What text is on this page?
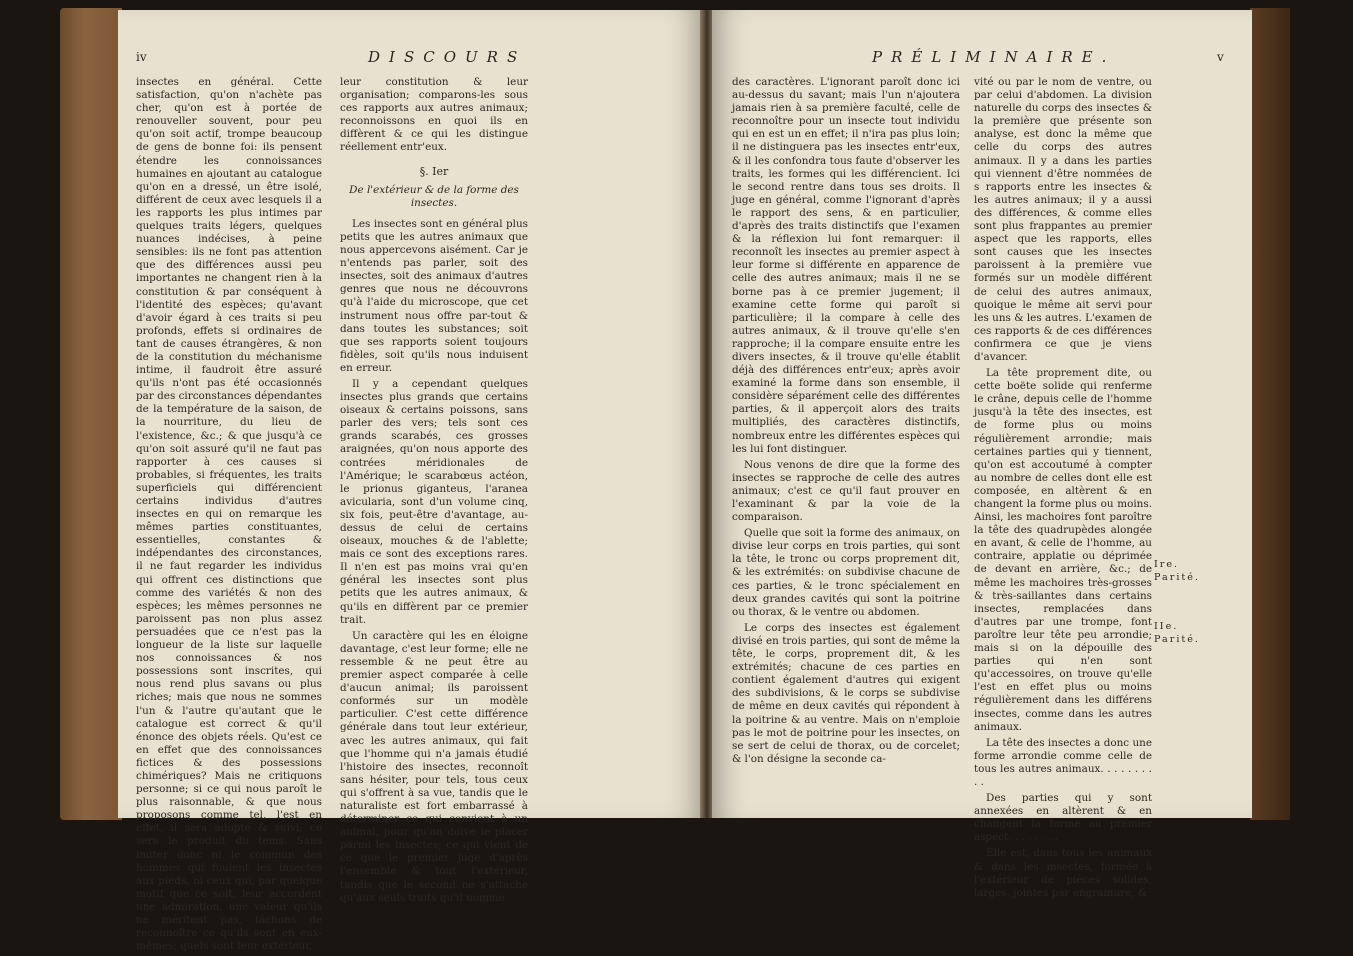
iv	DISCOURS

insectes en général. Cette satisfaction, qu'on n'achète pas cher, qu'on est à portée de renouveller souvent, pour peu qu'on soit actif, trompe beaucoup de gens de bonne foi: ils pensent étendre les connoissances humaines en ajoutant au catalogue qu'on en a dressé, un être isolé, différent de ceux avec lesquels il a les rapports les plus intimes par quelques traits légers, quelques nuances indécises, à peine sensibles: ils ne font pas attention que des différences aussi peu importantes ne changent rien à la constitution & par conséquent à l'identité des espèces; qu'avant d'avoir égard à ces traits si peu profonds, effets si ordinaires de tant de causes étrangères, & non de la constitution du méchanisme intime, il faudroit être assuré qu'ils n'ont pas été occasionnés par des circonstances dépendantes de la température de la saison, de la nourriture, du lieu de l'existence, &c.; & que jusqu'à ce qu'on soit assuré qu'il ne faut pas rapporter à ces causes si probables, si fréquentes, les traits superficiels qui différencient certains individus d'autres insectes en qui on remarque les mêmes parties constituantes, essentielles, constantes & indépendantes des circonstances, il ne faut regarder les individus qui offrent ces distinctions que comme des variétés & non des espèces; les mêmes personnes ne paroissent pas non plus assez persuadées que ce n'est pas la longueur de la liste sur laquelle nos connoissances & nos possessions sont inscrites, qui nous rend plus savans ou plus riches; mais que nous ne sommes l'un & l'autre qu'autant que le catalogue est correct & qu'il énonce des objets réels. Qu'est ce en effet que des connoissances fictices & des possessions chimériques? Mais ne critiquons personne; si ce qui nous paroît le plus raisonnable, & que nous proposons comme tel, l'est en effet, il sera adopté & suivi; ce sera le produit du tems. Sans imiter donc ni le commun des hommes qui foulent les insectes aux pieds, ni ceux qui, par quelque motif que ce soit, leur accordent une admiration, une valeur qu'ils ne méritent pas, tâchons de reconnoître ce qu'ils sont en eux-mêmes; quels sont leur extérieur,

leur constitution & leur organisation; comparons-les sous ces rapports aux autres animaux; reconnoissons en quoi ils en diffèrent & ce qui les distingue réellement entr'eux.

§. Ier

De l'extérieur & de la forme des insectes.

Les insectes sont en général plus petits que les autres animaux que nous appercevons aisément. Car je n'entends pas parler, soit des insectes, soit des animaux d'autres genres que nous ne découvrons qu'à l'aide du microscope, que cet instrument nous offre par-tout & dans toutes les substances; soit que ses rapports soient toujours fidèles, soit qu'ils nous induisent en erreur.

Il y a cependant quelques insectes plus grands que certains oiseaux & certains poissons, sans parler des vers; tels sont ces grands scarabés, ces grosses araignées, qu'on nous apporte des contrées méridionales de l'Amérique; le scarabœus actéon, le prionus giganteus, l'aranea avicularia, sont d'un volume cinq, six fois, peut-être d'avantage, au-dessus de celui de certains oiseaux, mouches & de l'ablette; mais ce sont des exceptions rares. Il n'en est pas moins vrai qu'en général les insectes sont plus petits que les autres animaux, & qu'ils en diffèrent par ce premier trait.

Un caractère qui les en éloigne davantage, c'est leur forme; elle ne ressemble & ne peut être au premier aspect comparée à celle d'aucun animal; ils paroissent conformés sur un modèle particulier. C'est cette différence générale dans tout leur extérieur, avec les autres animaux, qui fait que l'homme qui n'a jamais étudié l'histoire des insectes, reconnoît sans hésiter, pour tels, tous ceux qui s'offrent à sa vue, tandis que le naturaliste est fort embarrassé à déterminer ce qui convient à un animal, pour qu'on doive le placer parmi les insectes; ce qui vient de ce que le premier juge d'après l'ensemble & tout l'extérieur, tandis que le second ne s'attache qu'aux seuls traits qu'il nomme

PRÉLIMINAIRE.	v

des caractères. L'ignorant paroît donc ici au-dessus du savant; mais l'un n'ajoutera jamais rien à sa première faculté, celle de reconnoître pour un insecte tout individu qui en est un en effet; il n'ira pas plus loin; il ne distinguera pas les insectes entr'eux, & il les confondra tous faute d'observer les traits, les formes qui les différencient. Ici le second rentre dans tous ses droits. Il juge en général, comme l'ignorant d'après le rapport des sens, & en particulier, d'après des traits distinctifs que l'examen & la réflexion lui font remarquer: il reconnoît les insectes au premier aspect à leur forme si différente en apparence de celle des autres animaux; mais il ne se borne pas à ce premier jugement; il examine cette forme qui paroît si particulière; il la compare à celle des autres animaux, & il trouve qu'elle s'en rapproche; il la compare ensuite entre les divers insectes, & il trouve qu'elle établit déjà des différences entr'eux; après avoir examiné la forme dans son ensemble, il considère séparément celle des différentes parties, & il apperçoit alors des traits multipliés, des caractères distinctifs, nombreux entre les différentes espèces qui les lui font distinguer.

Nous venons de dire que la forme des insectes se rapproche de celle des autres animaux; c'est ce qu'il faut prouver en l'examinant & par la voie de la comparaison.

Quelle que soit la forme des animaux, on divise leur corps en trois parties, qui sont la tête, le tronc ou corps proprement dit, & les extrémités: on subdivise chacune de ces parties, & le tronc spécialement en deux grandes cavités qui sont la poitrine ou thorax, & le ventre ou abdomen.

Le corps des insectes est également divisé en trois parties, qui sont de même la tête, le corps, proprement dit, & les extrémités; chacune de ces parties en contient également d'autres qui exigent des subdivisions, & le corps se subdivise de même en deux cavités qui répondent à la poitrine & au ventre. Mais on n'emploie pas le mot de poitrine pour les insectes, on se sert de celui de thorax, ou de corcelet; & l'on désigne la seconde ca-

vité ou par le nom de ventre, ou par celui d'abdomen. La division naturelle du corps des insectes & la première que présente son analyse, est donc la même que celle du corps des autres animaux. Il y a dans les parties qui viennent d'être nommées de s rapports entre les insectes & les autres animaux; il y a aussi des différences, & comme elles sont plus frappantes au premier aspect que les rapports, elles sont causes que les insectes paroissent à la première vue formés sur un modèle différent de celui des autres animaux, quoique le même ait servi pour les uns & les autres. L'examen de ces rapports & de ces différences confirmera ce que je viens d'avancer.

La tête proprement dite, ou cette boëte solide qui renferme le crâne, depuis celle de l'homme jusqu'à la tête des insectes, est de forme plus ou moins régulièrement arrondie; mais certaines parties qui y tiennent, qu'on est accoutumé à compter au nombre de celles dont elle est composée, en altèrent & en changent la forme plus ou moins. Ainsi, les machoires font paroître la tête des quadrupèdes alongée en avant, & celle de l'homme, au contraire, applatie ou déprimée de devant en arrière, &c.; de même les machoires très-grosses & très-saillantes dans certains insectes, remplacées dans d'autres par une trompe, font paroître leur tête peu arrondie; mais si on la dépouille des parties qui n'en sont qu'accessoires, on trouve qu'elle l'est en effet plus ou moins régulièrement dans les différens insectes, comme dans les autres animaux.

La tête des insectes a donc une forme arrondie comme celle de tous les autres animaux. . . . . . . . . .

Des parties qui y sont annexées en altèrent & en changent la forme au premier aspect. . . . . . . .

Elle est, dans tous les animaux & dans les insectes, formée à l'extérieur de pièces solides, larges, jointes par engrainure, &

Ire. Parité.
IIe. Parité.
